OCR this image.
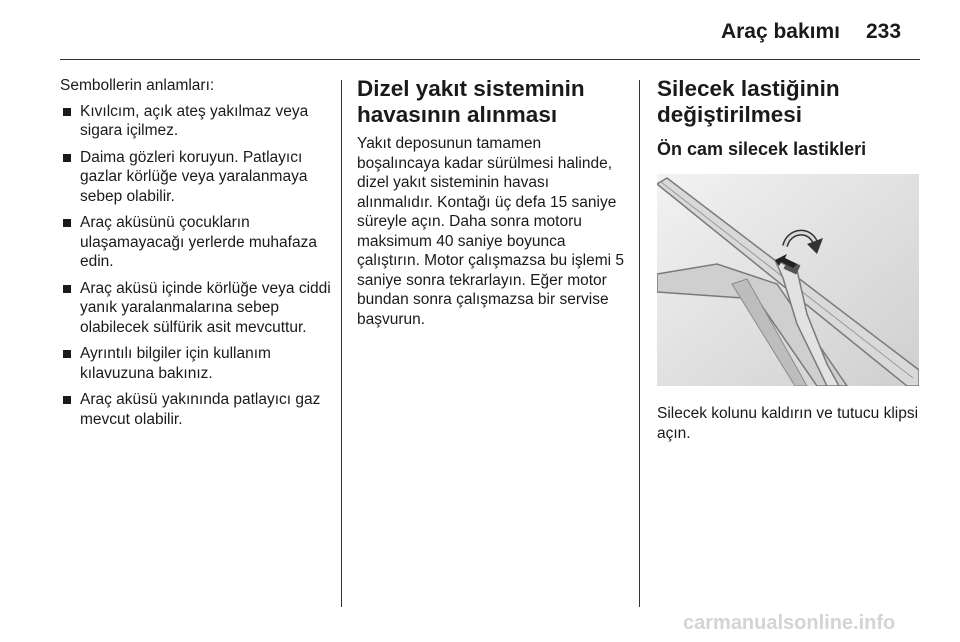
Araç bakımı 233
Sembollerin anlamları:
Kıvılcım, açık ateş yakılmaz veya sigara içilmez.
Daima gözleri koruyun. Patlayıcı gazlar körlüğe veya yaralanmaya sebep olabilir.
Araç aküsünü çocukların ulaşamayacağı yerlerde muhafaza edin.
Araç aküsü içinde körlüğe veya ciddi yanık yaralanmalarına sebep olabilecek sülfürik asit mevcuttur.
Ayrıntılı bilgiler için kullanım kılavuzuna bakınız.
Araç aküsü yakınında patlayıcı gaz mevcut olabilir.
Dizel yakıt sisteminin havasının alınması

Yakıt deposunun tamamen boşalıncaya kadar sürülmesi halinde, dizel yakıt sisteminin havası alınmalıdır. Kontağı üç defa 15 saniye süreyle açın. Daha sonra motoru maksimum 40 saniye boyunca çalıştırın. Motor çalışmazsa bu işlemi 5 saniye sonra tekrarlayın. Eğer motor bundan sonra çalışmazsa bir servise başvurun.

Silecek lastiğinin değiştirilmesi
Ön cam silecek lastikleri

Silecek kolunu kaldırın ve tutucu klipsi açın.

carmanualsonline.info
